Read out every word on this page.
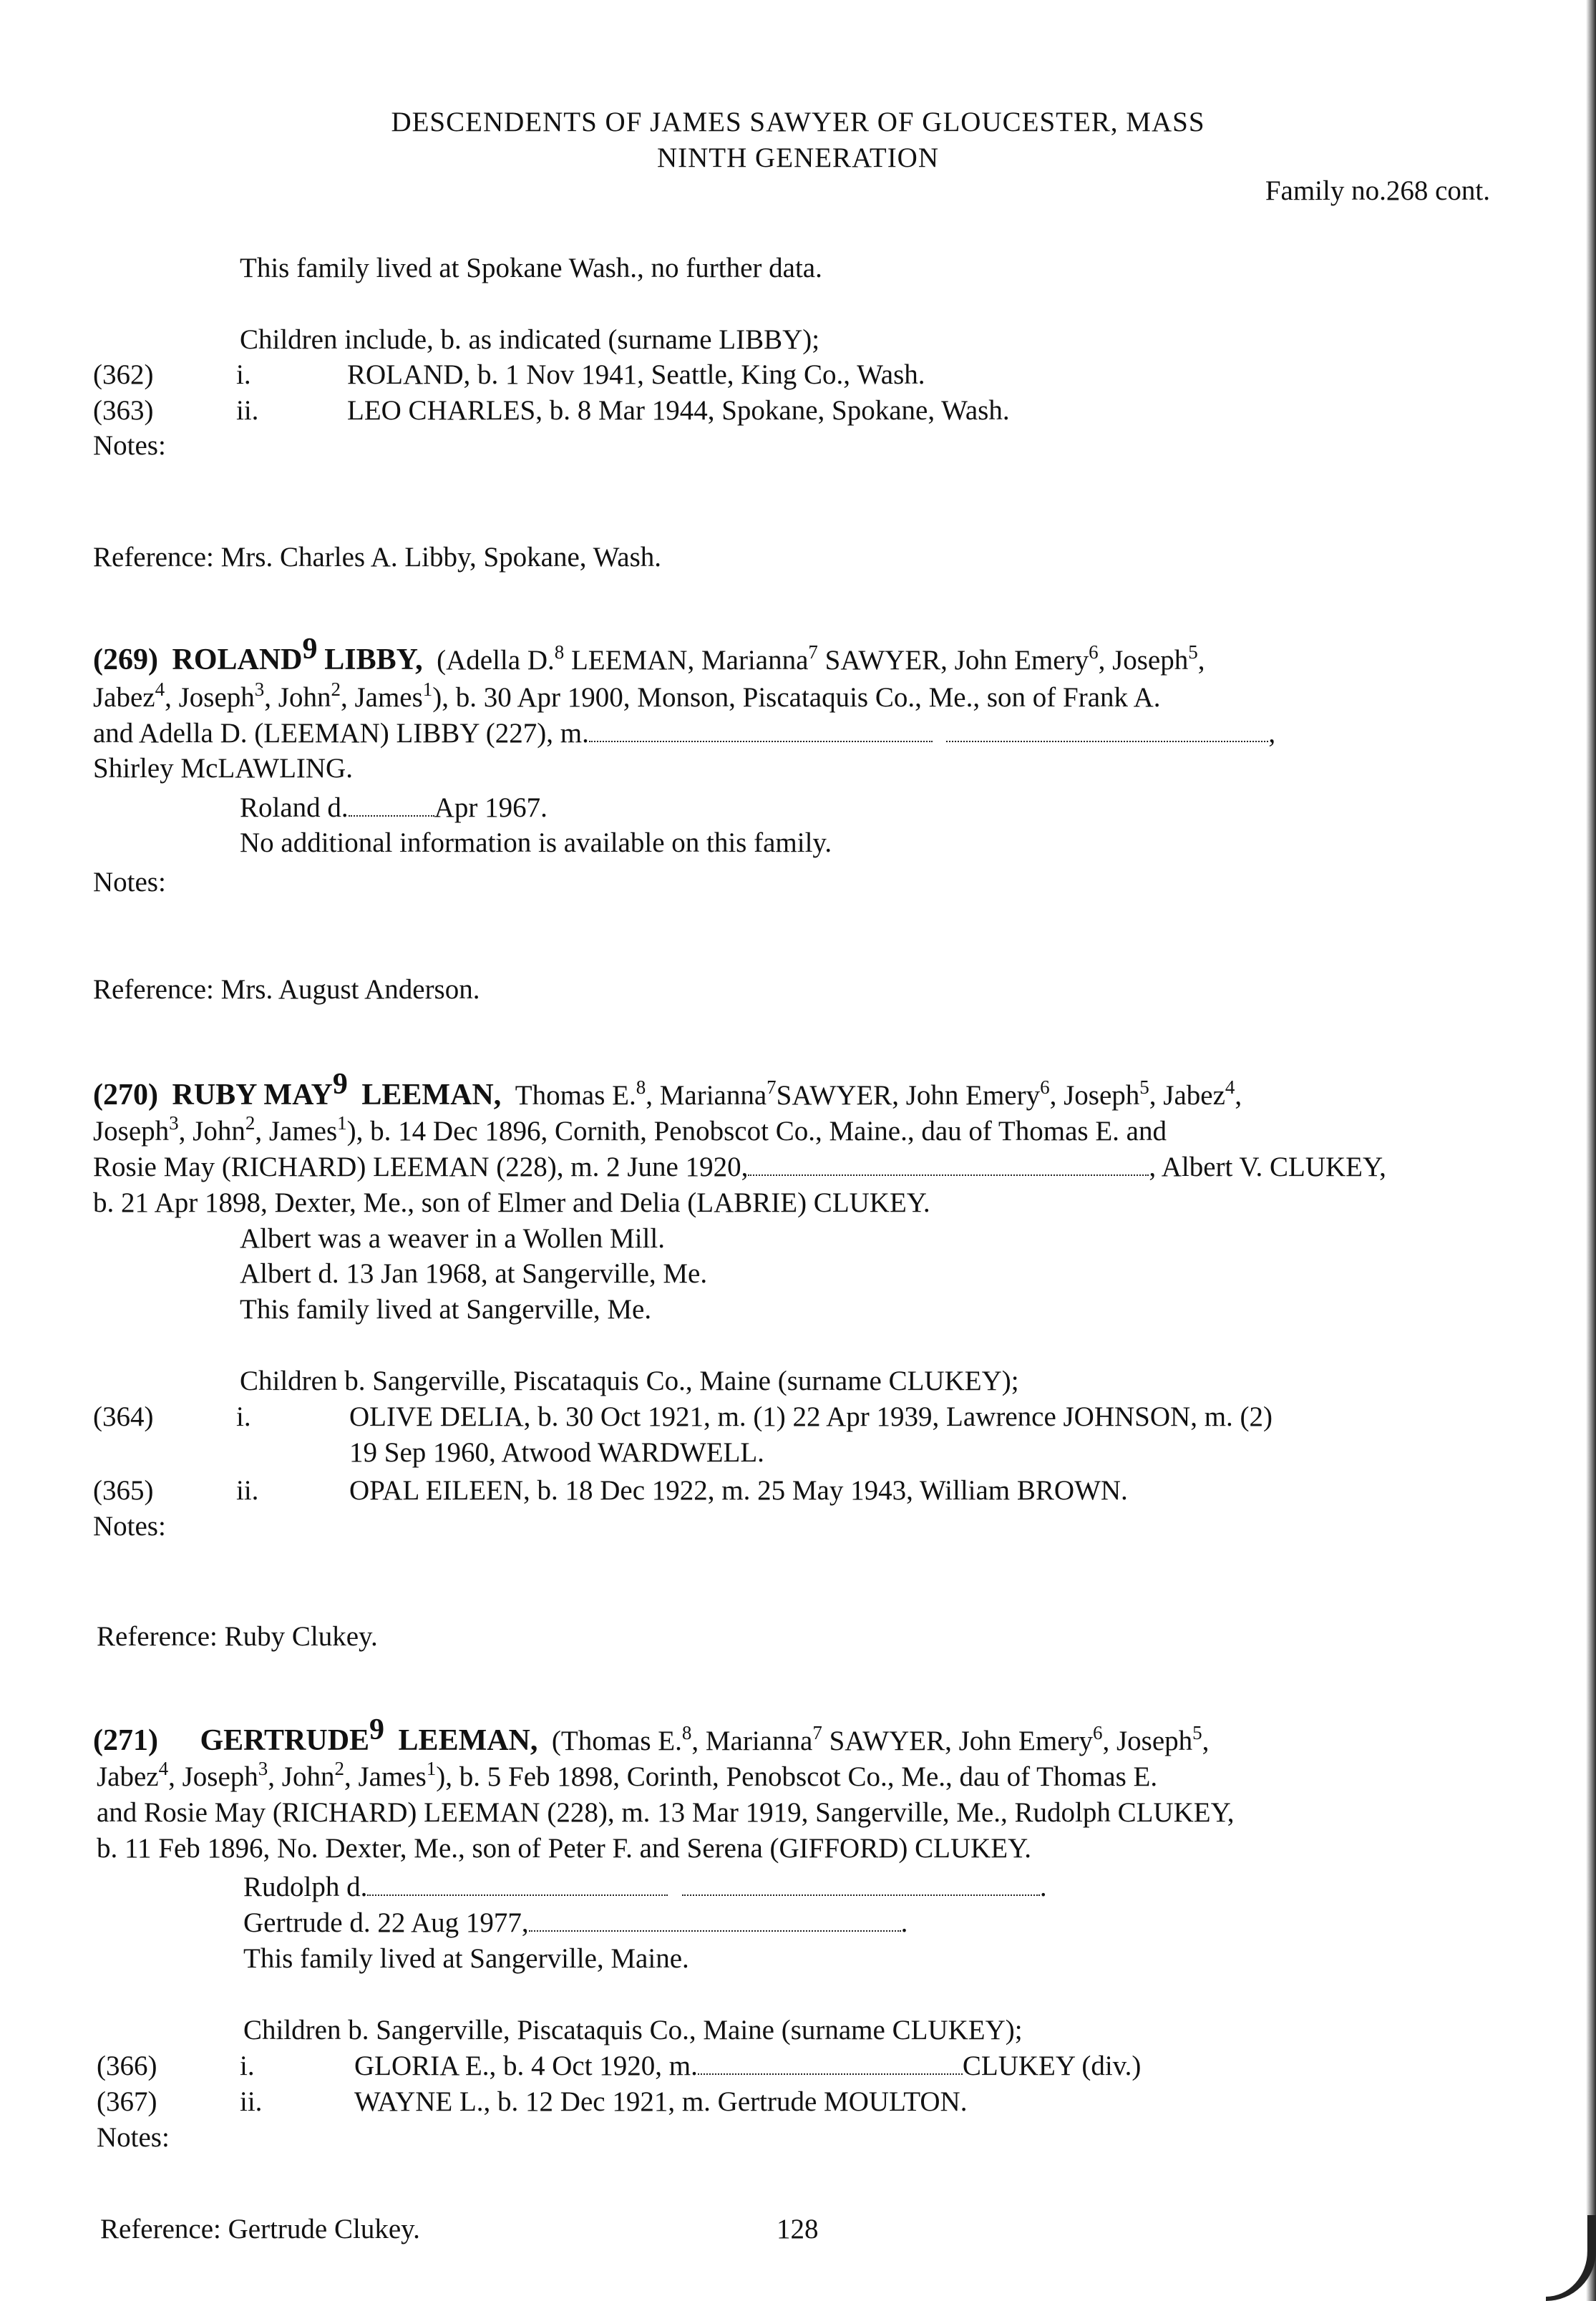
DESCENDENTS OF JAMES SAWYER OF GLOUCESTER, MASS
NINTH GENERATION
Family no.268 cont.
This family lived at Spokane Wash., no further data.
Children include, b. as indicated (surname LIBBY);
(362)	i.	ROLAND, b. 1 Nov 1941, Seattle, King Co., Wash.
(363)	ii.	LEO CHARLES, b. 8 Mar 1944, Spokane, Spokane, Wash.
Notes:
Reference: Mrs. Charles A. Libby, Spokane, Wash.
(269) ROLAND$^9$ LIBBY, (Adella D.$^8$ LEEMAN, Marianna$^7$ SAWYER, John Emery$^6$, Joseph$^5$,
Jabez$^4$, Joseph$^3$, John$^2$, James$^1$), b. 30 Apr 1900, Monson, Piscataquis Co., Me., son of Frank A.
and Adella D. (LEEMAN) LIBBY (227), m.	,
Shirley McLAWLING.
Roland d.	Apr 1967.
No additional information is available on this family.
Notes:
Reference: Mrs. August Anderson.
(270) RUBY MAY$^9$ LEEMAN, Thomas E.$^8$, Marianna$^7$SAWYER, John Emery$^6$, Joseph$^5$, Jabez$^4$,
Joseph$^3$, John$^2$, James$^1$), b. 14 Dec 1896, Cornith, Penobscot Co., Maine., dau of Thomas E. and
Rosie May (RICHARD) LEEMAN (228), m. 2 June 1920,	, Albert V. CLUKEY,
b. 21 Apr 1898, Dexter, Me., son of Elmer and Delia (LABRIE) CLUKEY.
Albert was a weaver in a Wollen Mill.
Albert d. 13 Jan 1968, at Sangerville, Me.
This family lived at Sangerville, Me.
Children b. Sangerville, Piscataquis Co., Maine (surname CLUKEY);
(364)	i.	OLIVE DELIA, b. 30 Oct 1921, m. (1) 22 Apr 1939, Lawrence JOHNSON, m. (2)
19 Sep 1960, Atwood WARDWELL.
(365)	ii.	OPAL EILEEN, b. 18 Dec 1922, m. 25 May 1943, William BROWN.
Notes:
Reference: Ruby Clukey.
(271) GERTRUDE$^9$ LEEMAN, (Thomas E.$^8$, Marianna$^7$ SAWYER, John Emery$^6$, Joseph$^5$,
Jabez$^4$, Joseph$^3$, John$^2$, James$^1$), b. 5 Feb 1898, Corinth, Penobscot Co., Me., dau of Thomas E.
and Rosie May (RICHARD) LEEMAN (228), m. 13 Mar 1919, Sangerville, Me., Rudolph CLUKEY,
b. 11 Feb 1896, No. Dexter, Me., son of Peter F. and Serena (GIFFORD) CLUKEY.
Rudolph d.	.
Gertrude d. 22 Aug 1977,	.
This family lived at Sangerville, Maine.
Children b. Sangerville, Piscataquis Co., Maine (surname CLUKEY);
(366)	i.	GLORIA E., b. 4 Oct 1920, m.	CLUKEY (div.)
(367)	ii.	WAYNE L., b. 12 Dec 1921, m. Gertrude MOULTON.
Notes:
Reference: Gertrude Clukey.	128
